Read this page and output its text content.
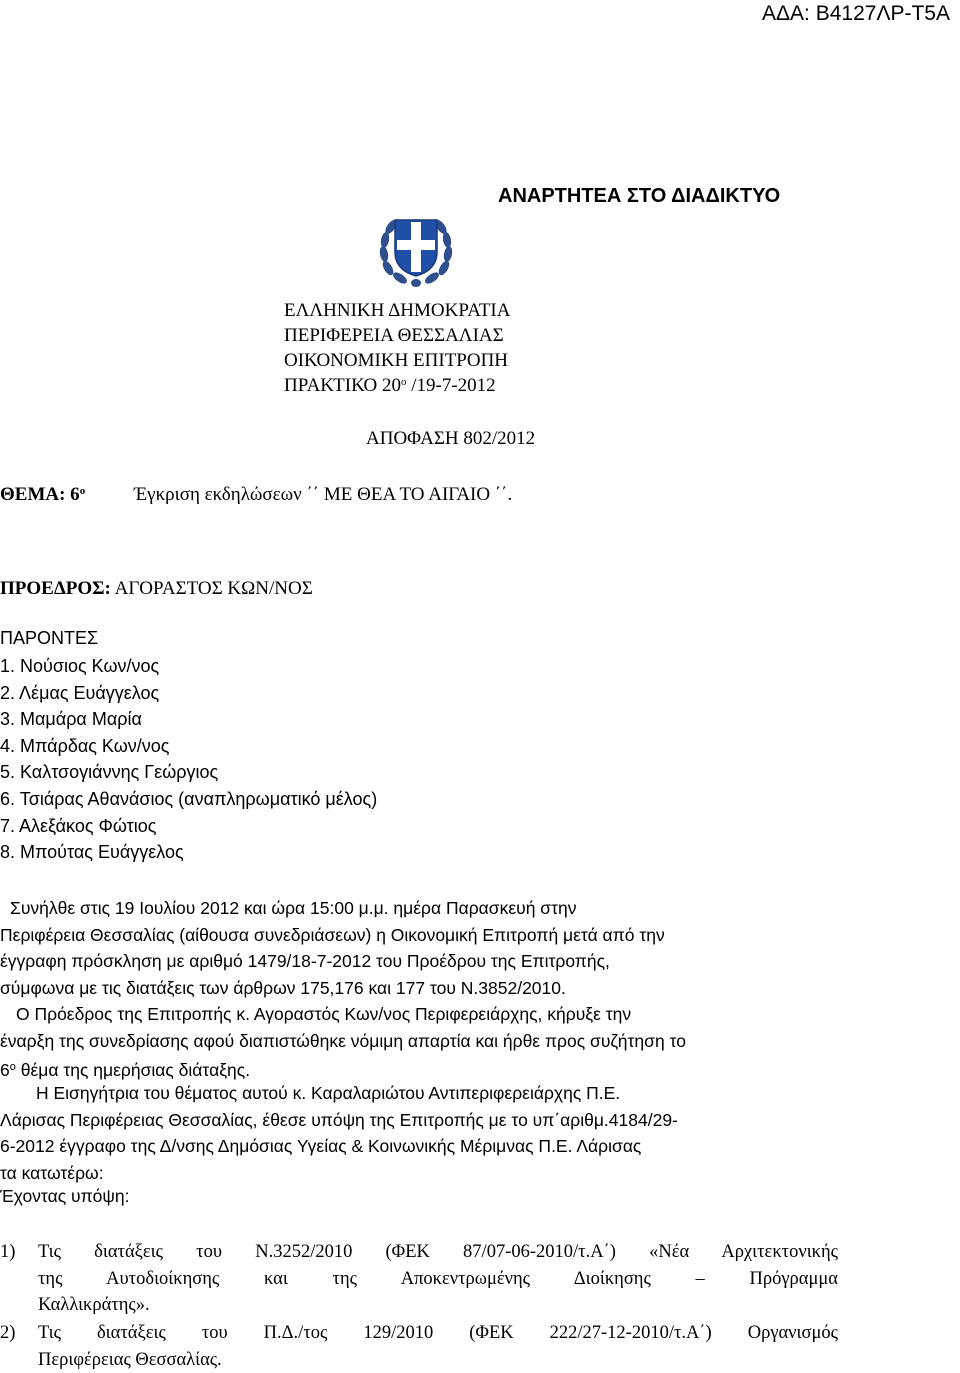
ΑΔΑ: Β4127ΛΡ-Τ5Α
ΑΝΑΡΤΗΤΕΑ ΣΤΟ ΔΙΑΔΙΚΤΥΟ
ΕΛΛΗΝΙΚΗ ΔΗΜΟΚΡΑΤΙΑ
ΠΕΡΙΦΕΡΕΙΑ ΘΕΣΣΑΛΙΑΣ
ΟΙΚΟΝΟΜΙΚΗ ΕΠΙΤΡΟΠΗ
ΠΡΑΚΤΙΚΟ $20^o$ /19-7-2012
ΑΠΟΦΑΣΗ 802/2012
ΘΕΜΑ: $6^o$	Έγκριση εκδηλώσεων ΄΄ ΜΕ ΘΕΑ ΤΟ ΑΙΓΑΙΟ ΄΄.
ΠΡΟΕΔΡΟΣ: ΑΓΟΡΑΣΤΟΣ ΚΩΝ/ΝΟΣ
ΠΑΡΟΝΤΕΣ
1. Νούσιος Κων/νος
2. Λέμας Ευάγγελος
3. Μαμάρα Μαρία
4. Μπάρδας Κων/νος
5. Καλτσογιάννης Γεώργιος
6. Τσιάρας Αθανάσιος (αναπληρωματικό μέλος)
7. Αλεξάκος Φώτιος
8. Μπούτας Ευάγγελος
Συνήλθε στις 19 Ιουλίου 2012 και ώρα 15:00 μ.μ. ημέρα Παρασκευή στην
Περιφέρεια Θεσσαλίας (αίθουσα συνεδριάσεων) η Οικονομική Επιτροπή μετά από την
έγγραφη πρόσκληση με αριθμό 1479/18-7-2012 του Προέδρου της Επιτροπής,
σύμφωνα με τις διατάξεις των άρθρων 175,176 και 177 του Ν.3852/2010.
Ο Πρόεδρος της Επιτροπής κ. Αγοραστός Κων/νος Περιφερειάρχης, κήρυξε την
έναρξη της συνεδρίασης αφού διαπιστώθηκε νόμιμη απαρτία και ήρθε προς συζήτηση το
$6^o$ θέμα της ημερήσιας διάταξης.
Η Εισηγήτρια του θέματος αυτού κ. Καραλαριώτου Αντιπεριφερειάρχης Π.Ε.
Λάρισας Περιφέρειας Θεσσαλίας, έθεσε υπόψη της Επιτροπής με το υπ΄αριθμ.4184/29-
6-2012 έγγραφο της Δ/νσης Δημόσιας Υγείας & Κοινωνικής Μέριμνας Π.Ε. Λάρισας
τα κατωτέρω:
Έχοντας υπόψη:
1) Τις διατάξεις του Ν.3252/2010 (ΦΕΚ 87/07-06-2010/τ.Α΄) «Νέα Αρχιτεκτονικής
της Αυτοδιοίκησης και της Αποκεντρωμένης Διοίκησης – Πρόγραμμα
Καλλικράτης».
2) Τις διατάξεις του Π.Δ./τος 129/2010 (ΦΕΚ 222/27-12-2010/τ.Α΄) Οργανισμός
Περιφέρειας Θεσσαλίας.
